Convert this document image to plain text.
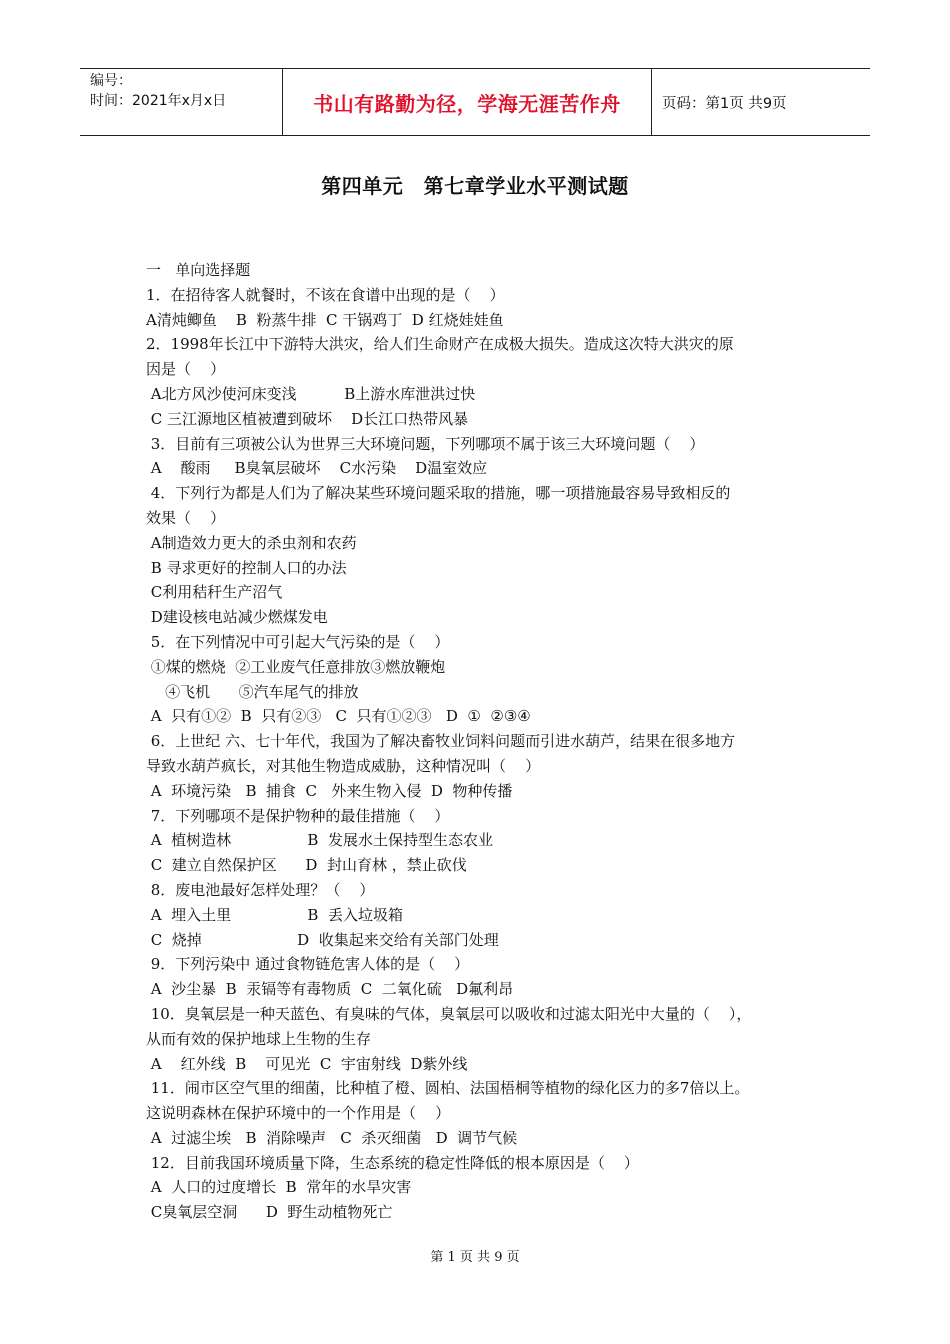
编号：
时间：2021年x月x日	书山有路勤为径，学海无涯苦作舟	页码：第1页 共9页
第四单元　第七章学业水平测试题
一   单向选择题
1．在招待客人就餐时，不该在食谱中出现的是（    ）
A清炖鲫鱼    B  粉蒸牛排  C 干锅鸡丁  D 红烧娃娃鱼
2．1998年长江中下游特大洪灾，给人们生命财产在成极大损失。造成这次特大洪灾的原
因是（    ）
A北方风沙使河床变浅          B上游水库泄洪过快
C 三江源地区植被遭到破坏    D长江口热带风暴
3．目前有三项被公认为世界三大环境问题，下列哪项不属于该三大环境问题（    ）
A    酸雨     B臭氧层破坏    C水污染    D温室效应
4．下列行为都是人们为了解决某些环境问题采取的措施，哪一项措施最容易导致相反的
效果（    ）
A制造效力更大的杀虫剂和农药
B 寻求更好的控制人口的办法
C利用秸秆生产沼气
D建设核电站减少燃煤发电
5．在下列情况中可引起大气污染的是（    ）
①煤的燃烧  ②工业废气任意排放③燃放鞭炮
④飞机      ⑤汽车尾气的排放
A  只有①②  B  只有②③   C  只有①②③   D  ①  ②③④
6．上世纪 六、七十年代，我国为了解决畜牧业饲料问题而引进水葫芦，结果在很多地方
导致水葫芦疯长，对其他生物造成威胁，这种情况叫（    ）
A  环境污染   B  捕食  C   外来生物入侵  D  物种传播
7．下列哪项不是保护物种的最佳措施（    ）
A  植树造林                B  发展水土保持型生态农业
C  建立自然保护区      D  封山育林 ，禁止砍伐
8．废电池最好怎样处理？（    ）
A  埋入土里                B  丢入垃圾箱
C  烧掉                    D  收集起来交给有关部门处理
9．下列污染中 通过食物链危害人体的是（    ）
A  沙尘暴  B  汞镉等有毒物质  C  二氧化硫   D氟利昂
10．臭氧层是一种天蓝色、有臭味的气体，臭氧层可以吸收和过滤太阳光中大量的（    ），
从而有效的保护地球上生物的生存
A    红外线  B    可见光  C  宇宙射线  D紫外线
11．闹市区空气里的细菌，比种植了橙、圆柏、法国梧桐等植物的绿化区力的多7倍以上。
这说明森林在保护环境中的一个作用是（    ）
A  过滤尘埃   B  消除噪声   C  杀灭细菌   D  调节气候
12．目前我国环境质量下降，生态系统的稳定性降低的根本原因是（    ）
A  人口的过度增长  B  常年的水旱灾害
C臭氧层空洞      D  野生动植物死亡
第 1 页 共 9 页
